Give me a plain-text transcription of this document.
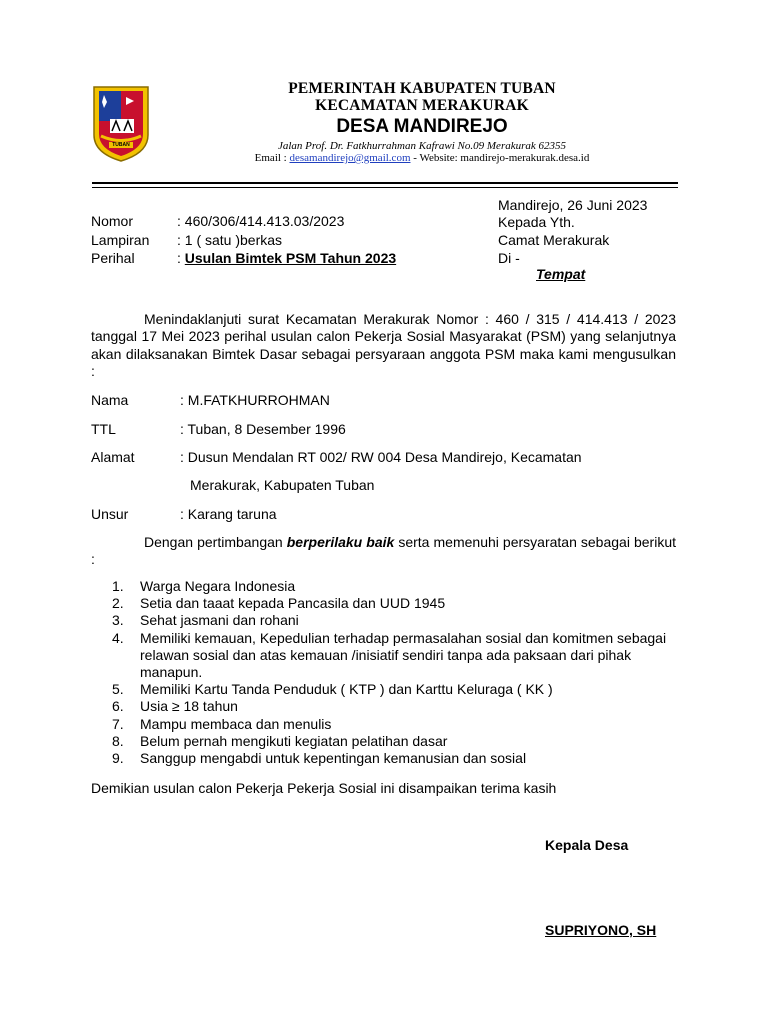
TUBAN
PEMERINTAH KABUPATEN TUBAN
KECAMATAN MERAKURAK
DESA MANDIREJO
Jalan Prof. Dr. Fatkhurrahman Kafrawi No.09 Merakurak 62355
Email : desamandirejo@gmail.com - Website: mandirejo-merakurak.desa.id
Mandirejo, 26 Juni 2023
Kepada Yth.
Camat Merakurak
Di -
Tempat
Nomor	: 460/306/414.413.03/2023
Lampiran : 1 ( satu )berkas
Perihal	: Usulan Bimtek PSM Tahun 2023
Menindaklanjuti surat Kecamatan Merakurak Nomor : 460 / 315 / 414.413 / 2023 tanggal 17 Mei 2023 perihal usulan calon Pekerja Sosial Masyarakat (PSM) yang selanjutnya akan dilaksanakan Bimtek Dasar sebagai persyaraan anggota PSM maka kami mengusulkan :
Nama	: M.FATKHURROHMAN
TTL	: Tuban, 8 Desember 1996
Alamat	: Dusun Mendalan RT 002/ RW 004 Desa Mandirejo, Kecamatan
Merakurak, Kabupaten Tuban
Unsur	: Karang taruna
Dengan pertimbangan berperilaku baik serta memenuhi persyaratan sebagai berikut :
1. Warga Negara Indonesia
2. Setia dan taaat kepada Pancasila dan UUD 1945
3. Sehat jasmani dan rohani
4. Memiliki kemauan, Kepedulian terhadap permasalahan sosial dan komitmen sebagai relawan sosial dan atas kemauan /inisiatif sendiri tanpa ada paksaan dari pihak manapun.
5. Memiliki Kartu Tanda Penduduk ( KTP ) dan Karttu Keluraga ( KK )
6. Usia ≥ 18 tahun
7. Mampu membaca dan menulis
8. Belum pernah mengikuti kegiatan pelatihan dasar
9. Sanggup mengabdi untuk kepentingan kemanusian dan sosial
Demikian usulan calon Pekerja Pekerja Sosial ini disampaikan terima kasih
Kepala Desa
SUPRIYONO, SH
